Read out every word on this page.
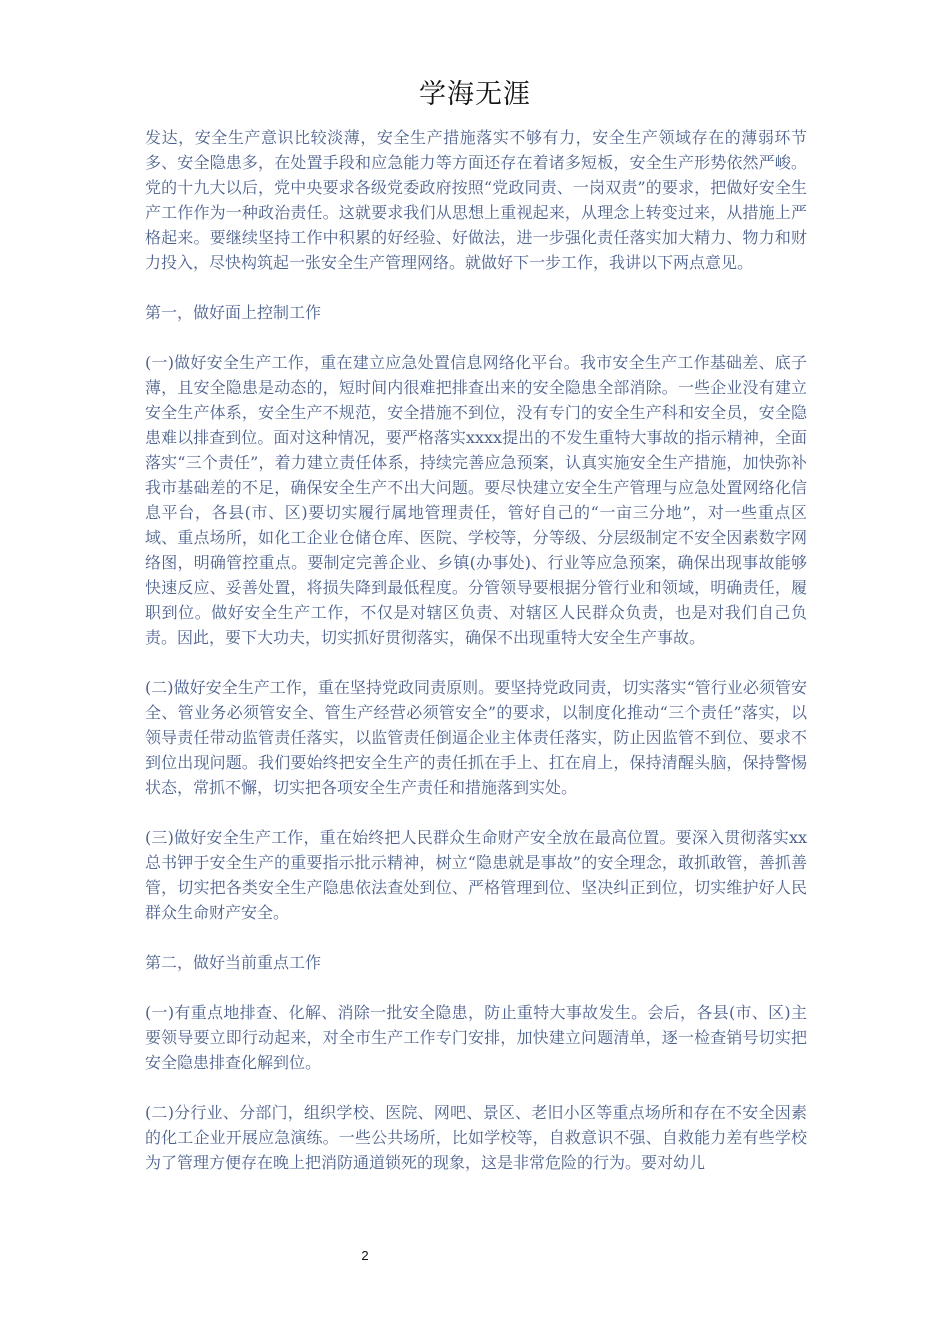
学海无涯

发达，安全生产意识比较淡薄，安全生产措施落实不够有力，安全生产领域存在的薄弱环节多、安全隐患多，在处置手段和应急能力等方面还存在着诸多短板，安全生产形势依然严峻。党的十九大以后，党中央要求各级党委政府按照“党政同责、一岗双责”的要求，把做好安全生产工作作为一种政治责任。这就要求我们从思想上重视起来，从理念上转变过来，从措施上严格起来。要继续坚持工作中积累的好经验、好做法，进一步强化责任落实加大精力、物力和财力投入，尽快构筑起一张安全生产管理网络。就做好下一步工作，我讲以下两点意见。

第一，做好面上控制工作

(一)做好安全生产工作，重在建立应急处置信息网络化平台。我市安全生产工作基础差、底子薄，且安全隐患是动态的，短时间内很难把排查出来的安全隐患全部消除。一些企业没有建立安全生产体系，安全生产不规范，安全措施不到位，没有专门的安全生产科和安全员，安全隐患难以排查到位。面对这种情况，要严格落实xxxx提出的不发生重特大事故的指示精神，全面落实“三个责任”，着力建立责任体系，持续完善应急预案，认真实施安全生产措施，加快弥补我市基础差的不足，确保安全生产不出大问题。要尽快建立安全生产管理与应急处置网络化信息平台，各县(市、区)要切实履行属地管理责任，管好自己的“一亩三分地”，对一些重点区域、重点场所，如化工企业仓储仓库、医院、学校等，分等级、分层级制定不安全因素数字网络图，明确管控重点。要制定完善企业、乡镇(办事处)、行业等应急预案，确保出现事故能够快速反应、妥善处置，将损失降到最低程度。分管领导要根据分管行业和领域，明确责任，履职到位。做好安全生产工作，不仅是对辖区负责、对辖区人民群众负责，也是对我们自己负责。因此，要下大功夫，切实抓好贯彻落实，确保不出现重特大安全生产事故。

(二)做好安全生产工作，重在坚持党政同责原则。要坚持党政同责，切实落实“管行业必须管安全、管业务必须管安全、管生产经营必须管安全”的要求，以制度化推动“三个责任”落实，以领导责任带动监管责任落实，以监管责任倒逼企业主体责任落实，防止因监管不到位、要求不到位出现问题。我们要始终把安全生产的责任抓在手上、扛在肩上，保持清醒头脑，保持警惕状态，常抓不懈，切实把各项安全生产责任和措施落到实处。

(三)做好安全生产工作，重在始终把人民群众生命财产安全放在最高位置。要深入贯彻落实xx总书钾于安全生产的重要指示批示精神，树立“隐患就是事故”的安全理念，敢抓敢管，善抓善管，切实把各类安全生产隐患依法查处到位、严格管理到位、坚决纠正到位，切实维护好人民群众生命财产安全。

第二，做好当前重点工作

(一)有重点地排查、化解、消除一批安全隐患，防止重特大事故发生。会后，各县(市、区)主要领导要立即行动起来，对全市生产工作专门安排，加快建立问题清单，逐一检查销号切实把安全隐患排查化解到位。

(二)分行业、分部门，组织学校、医院、网吧、景区、老旧小区等重点场所和存在不安全因素的化工企业开展应急演练。一些公共场所，比如学校等，自救意识不强、自救能力差有些学校为了管理方便存在晚上把消防通道锁死的现象，这是非常危险的行为。要对幼儿

2
